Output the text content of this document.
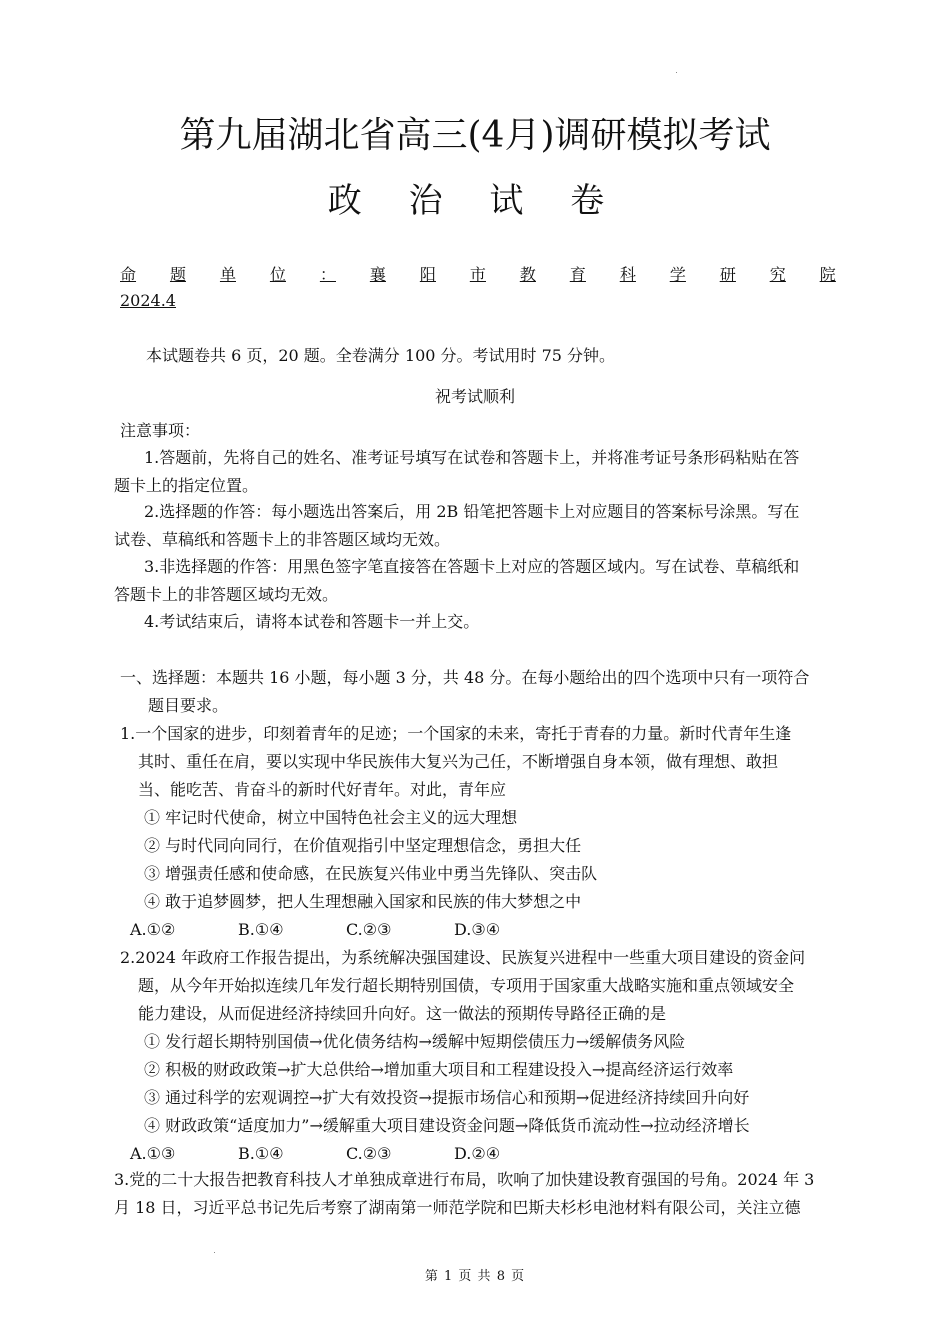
第九届湖北省高三(4月)调研模拟考试
政 治 试 卷
命 题 单 位 ： 襄 阳 市 教 育 科 学 研 究 院
2024.4
本试题卷共 6 页，20 题。全卷满分 100 分。考试用时 75 分钟。
祝考试顺利
注意事项：
1.答题前，先将自己的姓名、准考证号填写在试卷和答题卡上，并将准考证号条形码粘贴在答
题卡上的指定位置。
2.选择题的作答：每小题选出答案后，用 2B 铅笔把答题卡上对应题目的答案标号涂黑。写在
试卷、草稿纸和答题卡上的非答题区域均无效。
3.非选择题的作答：用黑色签字笔直接答在答题卡上对应的答题区域内。写在试卷、草稿纸和
答题卡上的非答题区域均无效。
4.考试结束后，请将本试卷和答题卡一并上交。
一、选择题：本题共 16 小题，每小题 3 分，共 48 分。在每小题给出的四个选项中只有一项符合
题目要求。
1.一个国家的进步，印刻着青年的足迹；一个国家的未来，寄托于青春的力量。新时代青年生逢
其时、重任在肩，要以实现中华民族伟大复兴为己任，不断增强自身本领，做有理想、敢担
当、能吃苦、肯奋斗的新时代好青年。对此，青年应
① 牢记时代使命，树立中国特色社会主义的远大理想
② 与时代同向同行，在价值观指引中坚定理想信念，勇担大任
③ 增强责任感和使命感，在民族复兴伟业中勇当先锋队、突击队
④ 敢于追梦圆梦，把人生理想融入国家和民族的伟大梦想之中
A.①②	B.①④	C.②③	D.③④
2.2024 年政府工作报告提出，为系统解决强国建设、民族复兴进程中一些重大项目建设的资金问
题，从今年开始拟连续几年发行超长期特别国债，专项用于国家重大战略实施和重点领域安全
能力建设，从而促进经济持续回升向好。这一做法的预期传导路径正确的是
① 发行超长期特别国债→优化债务结构→缓解中短期偿债压力→缓解债务风险
② 积极的财政政策→扩大总供给→增加重大项目和工程建设投入→提高经济运行效率
③ 通过科学的宏观调控→扩大有效投资→提振市场信心和预期→促进经济持续回升向好
④ 财政政策“适度加力”→缓解重大项目建设资金问题→降低货币流动性→拉动经济增长
A.①③	B.①④	C.②③	D.②④
3.党的二十大报告把教育科技人才单独成章进行布局，吹响了加快建设教育强国的号角。2024 年 3
月 18 日，习近平总书记先后考察了湖南第一师范学院和巴斯夫杉杉电池材料有限公司，关注立德
第 1 页 共 8 页
